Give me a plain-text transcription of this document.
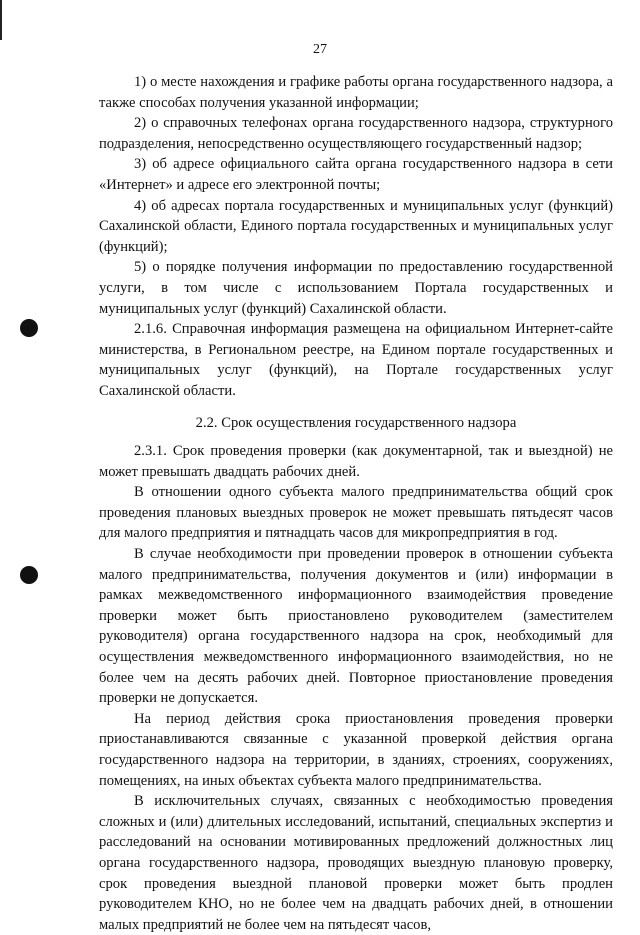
27

1) о месте нахождения и графике работы органа государственного надзора, а также способах получения указанной информации;

2) о справочных телефонах органа государственного надзора, структурного подразделения, непосредственно осуществляющего государственный надзор;

3) об адресе официального сайта органа государственного надзора в сети «Интернет» и адресе его электронной почты;

4) об адресах портала государственных и муниципальных услуг (функций) Сахалинской области, Единого портала государственных и муниципальных услуг (функций);

5) о порядке получения информации по предоставлению государственной услуги, в том числе с использованием Портала государственных и муниципальных услуг (функций) Сахалинской области.

2.1.6. Справочная информация размещена на официальном Интернет-сайте министерства, в Региональном реестре, на Едином портале государственных и муниципальных услуг (функций), на Портале государственных услуг Сахалинской области.

2.2. Срок осуществления государственного надзора

2.3.1. Срок проведения проверки (как документарной, так и выездной) не может превышать двадцать рабочих дней.

В отношении одного субъекта малого предпринимательства общий срок проведения плановых выездных проверок не может превышать пятьдесят часов для малого предприятия и пятнадцать часов для микропредприятия в год.

В случае необходимости при проведении проверок в отношении субъекта малого предпринимательства, получения документов и (или) информации в рамках межведомственного информационного взаимодействия проведение проверки может быть приостановлено руководителем (заместителем руководителя) органа государственного надзора на срок, необходимый для осуществления межведомственного информационного взаимодействия, но не более чем на десять рабочих дней. Повторное приостановление проведения проверки не допускается.

На период действия срока приостановления проведения проверки приостанавливаются связанные с указанной проверкой действия органа государственного надзора на территории, в зданиях, строениях, сооружениях, помещениях, на иных объектах субъекта малого предпринимательства.

В исключительных случаях, связанных с необходимостью проведения сложных и (или) длительных исследований, испытаний, специальных экспертиз и расследований на основании мотивированных предложений должностных лиц органа государственного надзора, проводящих выездную плановую проверку, срок проведения выездной плановой проверки может быть продлен руководителем КНО, но не более чем на двадцать рабочих дней, в отношении малых предприятий не более чем на пятьдесят часов,
